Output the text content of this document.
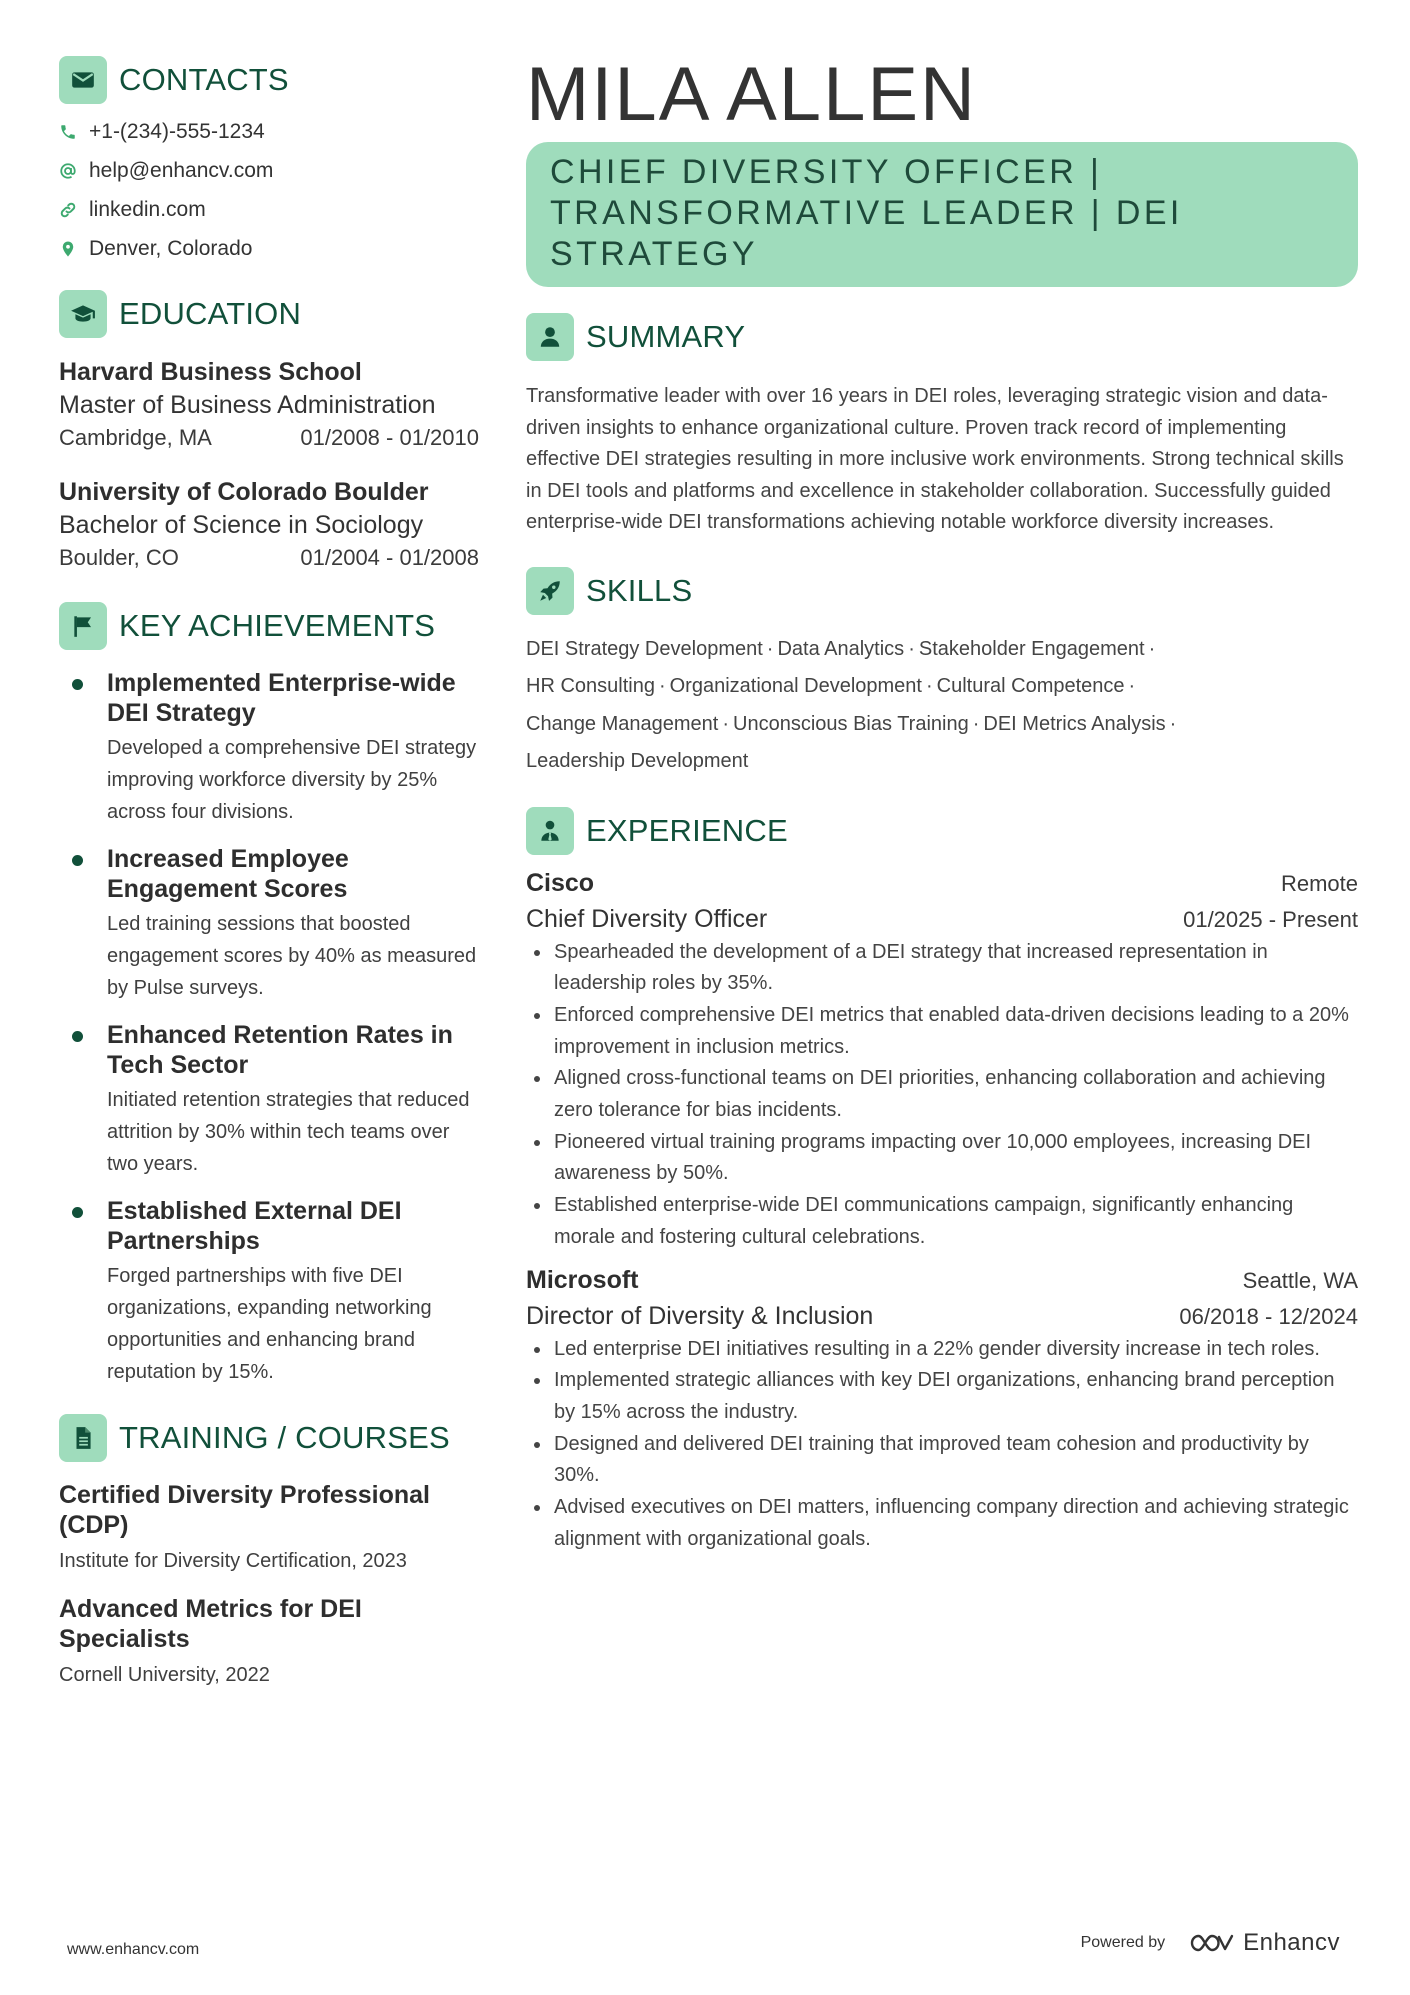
CONTACTS
+1-(234)-555-1234
help@enhancv.com
linkedin.com
Denver, Colorado
EDUCATION
Harvard Business School
Master of Business Administration
Cambridge, MA	01/2008 - 01/2010
University of Colorado Boulder
Bachelor of Science in Sociology
Boulder, CO	01/2004 - 01/2008
KEY ACHIEVEMENTS
Implemented Enterprise-wide DEI Strategy
Developed a comprehensive DEI strategy improving workforce diversity by 25% across four divisions.
Increased Employee Engagement Scores
Led training sessions that boosted engagement scores by 40% as measured by Pulse surveys.
Enhanced Retention Rates in Tech Sector
Initiated retention strategies that reduced attrition by 30% within tech teams over two years.
Established External DEI Partnerships
Forged partnerships with five DEI organizations, expanding networking opportunities and enhancing brand reputation by 15%.
TRAINING / COURSES
Certified Diversity Professional (CDP)
Institute for Diversity Certification, 2023
Advanced Metrics for DEI Specialists
Cornell University, 2022
MILA ALLEN
CHIEF DIVERSITY OFFICER | TRANSFORMATIVE LEADER | DEI STRATEGY
SUMMARY
Transformative leader with over 16 years in DEI roles, leveraging strategic vision and data-driven insights to enhance organizational culture. Proven track record of implementing effective DEI strategies resulting in more inclusive work environments. Strong technical skills in DEI tools and platforms and excellence in stakeholder collaboration. Successfully guided enterprise-wide DEI transformations achieving notable workforce diversity increases.
SKILLS
DEI Strategy Development · Data Analytics · Stakeholder Engagement ·
HR Consulting · Organizational Development · Cultural Competence ·
Change Management · Unconscious Bias Training · DEI Metrics Analysis ·
Leadership Development
EXPERIENCE
Cisco	Remote
Chief Diversity Officer	01/2025 - Present
Spearheaded the development of a DEI strategy that increased representation in leadership roles by 35%.
Enforced comprehensive DEI metrics that enabled data-driven decisions leading to a 20% improvement in inclusion metrics.
Aligned cross-functional teams on DEI priorities, enhancing collaboration and achieving zero tolerance for bias incidents.
Pioneered virtual training programs impacting over 10,000 employees, increasing DEI awareness by 50%.
Established enterprise-wide DEI communications campaign, significantly enhancing morale and fostering cultural celebrations.
Microsoft	Seattle, WA
Director of Diversity & Inclusion	06/2018 - 12/2024
Led enterprise DEI initiatives resulting in a 22% gender diversity increase in tech roles.
Implemented strategic alliances with key DEI organizations, enhancing brand perception by 15% across the industry.
Designed and delivered DEI training that improved team cohesion and productivity by 30%.
Advised executives on DEI matters, influencing company direction and achieving strategic alignment with organizational goals.
www.enhancv.com	Powered by	Enhancv
